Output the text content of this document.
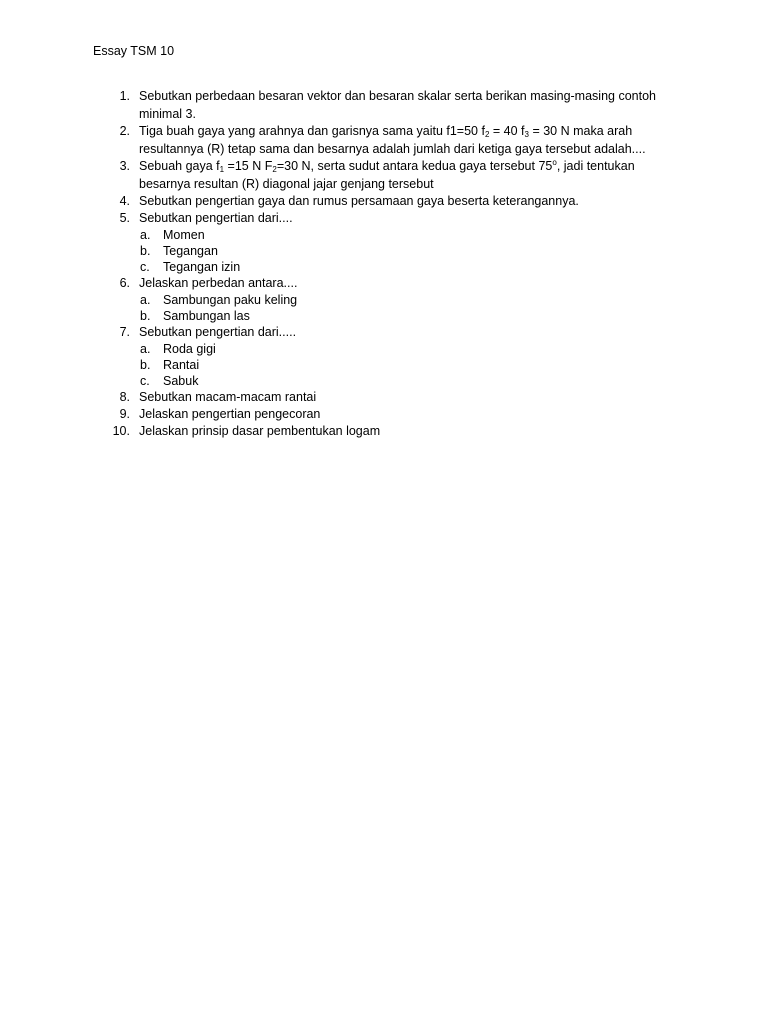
Essay TSM 10
1. Sebutkan perbedaan besaran vektor dan besaran skalar serta berikan masing-masing contoh
minimal 3.
2. Tiga buah gaya yang arahnya dan garisnya sama yaitu f1=50 $f_2 = 40$ $f_3 = 30$ N maka arah
resultannya (R) tetap sama dan besarnya adalah jumlah dari ketiga gaya tersebut adalah....
3. Sebuah gaya $f_1 =15$ N $F_2=30$ N, serta sudut antara kedua gaya tersebut 75$^o$, jadi tentukan
besarnya resultan (R) diagonal jajar genjang tersebut
4. Sebutkan pengertian gaya dan rumus persamaan gaya beserta keterangannya.
5. Sebutkan pengertian dari....
a. Momen
b. Tegangan
c. Tegangan izin
6. Jelaskan perbedan antara....
a. Sambungan paku keling
b. Sambungan las
7. Sebutkan pengertian dari.....
a. Roda gigi
b. Rantai
c. Sabuk
8. Sebutkan macam-macam rantai
9. Jelaskan pengertian pengecoran
10. Jelaskan prinsip dasar pembentukan logam
